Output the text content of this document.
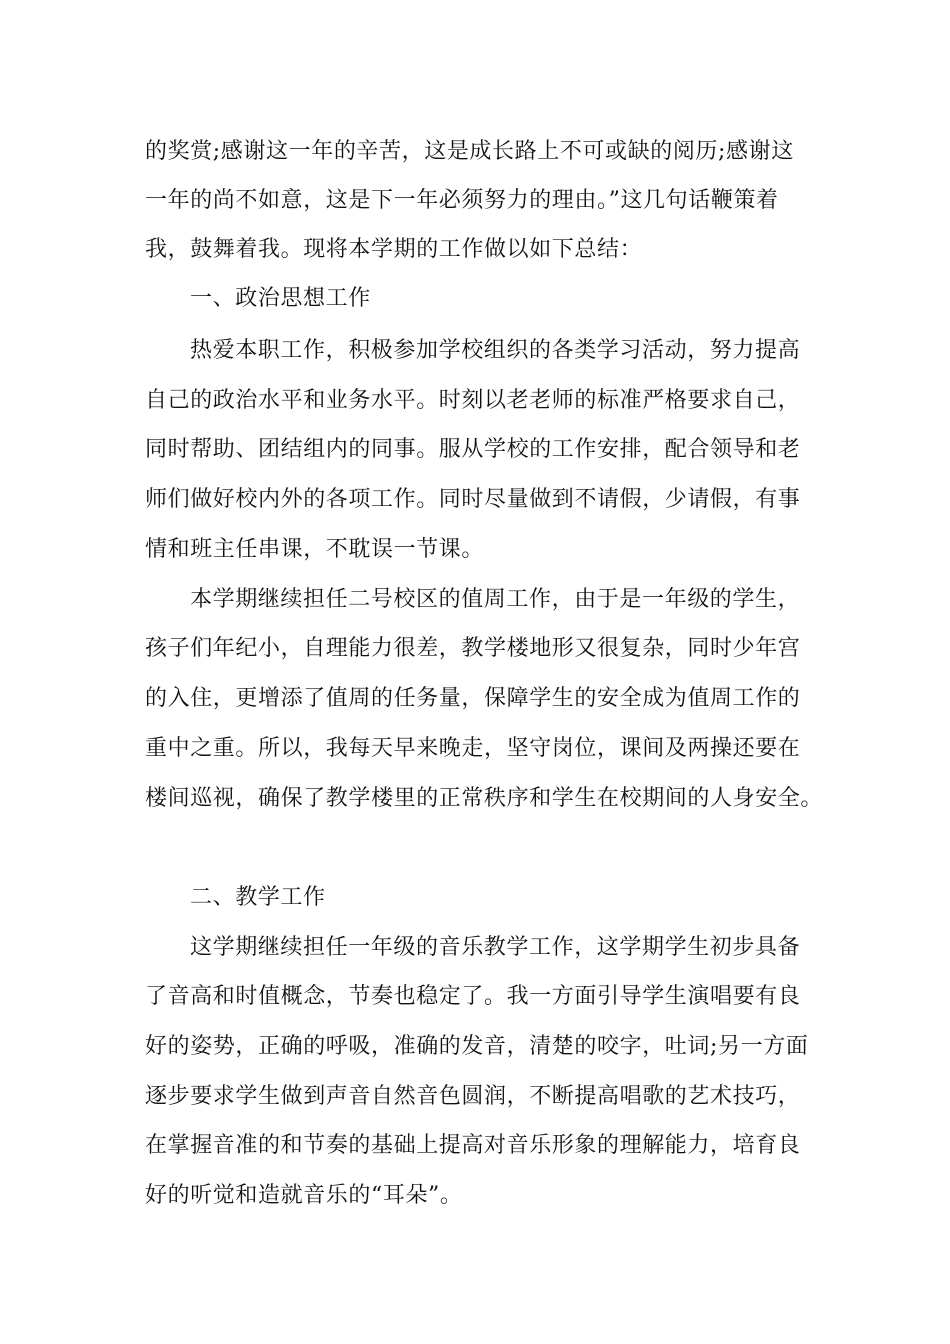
的奖赏;感谢这一年的辛苦，这是成长路上不可或缺的阅历;感谢这
一年的尚不如意，这是下一年必须努力的理由。”这几句话鞭策着
我，鼓舞着我。现将本学期的工作做以如下总结：
一、政治思想工作
热爱本职工作，积极参加学校组织的各类学习活动，努力提高
自己的政治水平和业务水平。时刻以老老师的标准严格要求自己，
同时帮助、团结组内的同事。服从学校的工作安排，配合领导和老
师们做好校内外的各项工作。同时尽量做到不请假，少请假，有事
情和班主任串课，不耽误一节课。
本学期继续担任二号校区的值周工作，由于是一年级的学生，
孩子们年纪小，自理能力很差，教学楼地形又很复杂，同时少年宫
的入住，更增添了值周的任务量，保障学生的安全成为值周工作的
重中之重。所以，我每天早来晚走，坚守岗位，课间及两操还要在
楼间巡视，确保了教学楼里的正常秩序和学生在校期间的人身安全。
二、教学工作
这学期继续担任一年级的音乐教学工作，这学期学生初步具备
了音高和时值概念，节奏也稳定了。我一方面引导学生演唱要有良
好的姿势，正确的呼吸，准确的发音，清楚的咬字，吐词;另一方面
逐步要求学生做到声音自然音色圆润，不断提高唱歌的艺术技巧，
在掌握音准的和节奏的基础上提高对音乐形象的理解能力，培育良
好的听觉和造就音乐的“耳朵”。
